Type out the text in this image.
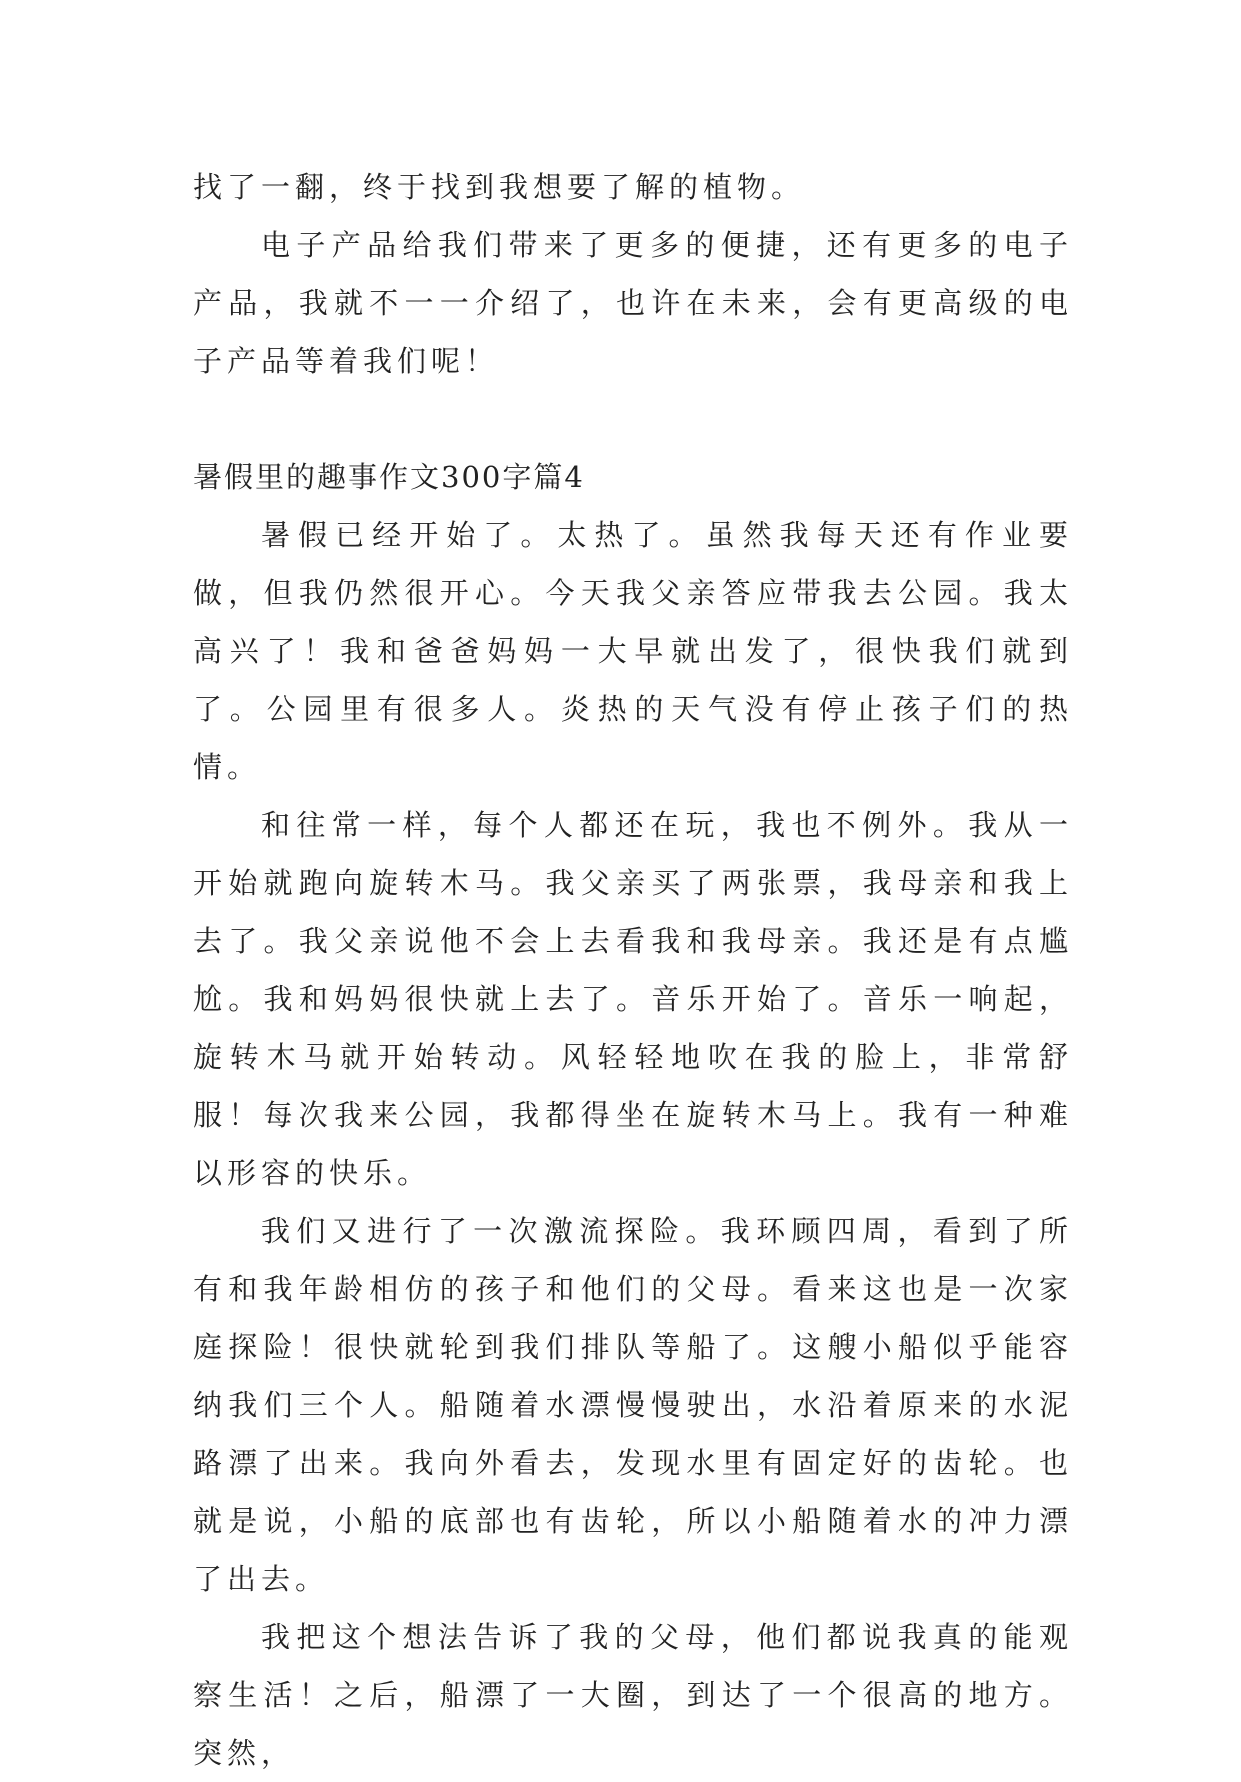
找了一翻，终于找到我想要了解的植物。

电子产品给我们带来了更多的便捷，还有更多的电子产品，我就不一一介绍了，也许在未来，会有更高级的电子产品等着我们呢！

暑假里的趣事作文300字篇4

暑假已经开始了。太热了。虽然我每天还有作业要做，但我仍然很开心。今天我父亲答应带我去公园。我太高兴了！我和爸爸妈妈一大早就出发了，很快我们就到了。公园里有很多人。炎热的天气没有停止孩子们的热情。

和往常一样，每个人都还在玩，我也不例外。我从一开始就跑向旋转木马。我父亲买了两张票，我母亲和我上去了。我父亲说他不会上去看我和我母亲。我还是有点尴尬。我和妈妈很快就上去了。音乐开始了。音乐一响起，旋转木马就开始转动。风轻轻地吹在我的脸上，非常舒服！每次我来公园，我都得坐在旋转木马上。我有一种难以形容的快乐。

我们又进行了一次激流探险。我环顾四周，看到了所有和我年龄相仿的孩子和他们的父母。看来这也是一次家庭探险！很快就轮到我们排队等船了。这艘小船似乎能容纳我们三个人。船随着水漂慢慢驶出，水沿着原来的水泥路漂了出来。我向外看去，发现水里有固定好的齿轮。也就是说，小船的底部也有齿轮，所以小船随着水的冲力漂了出去。

我把这个想法告诉了我的父母，他们都说我真的能观察生活！之后，船漂了一大圈，到达了一个很高的地方。突然，
